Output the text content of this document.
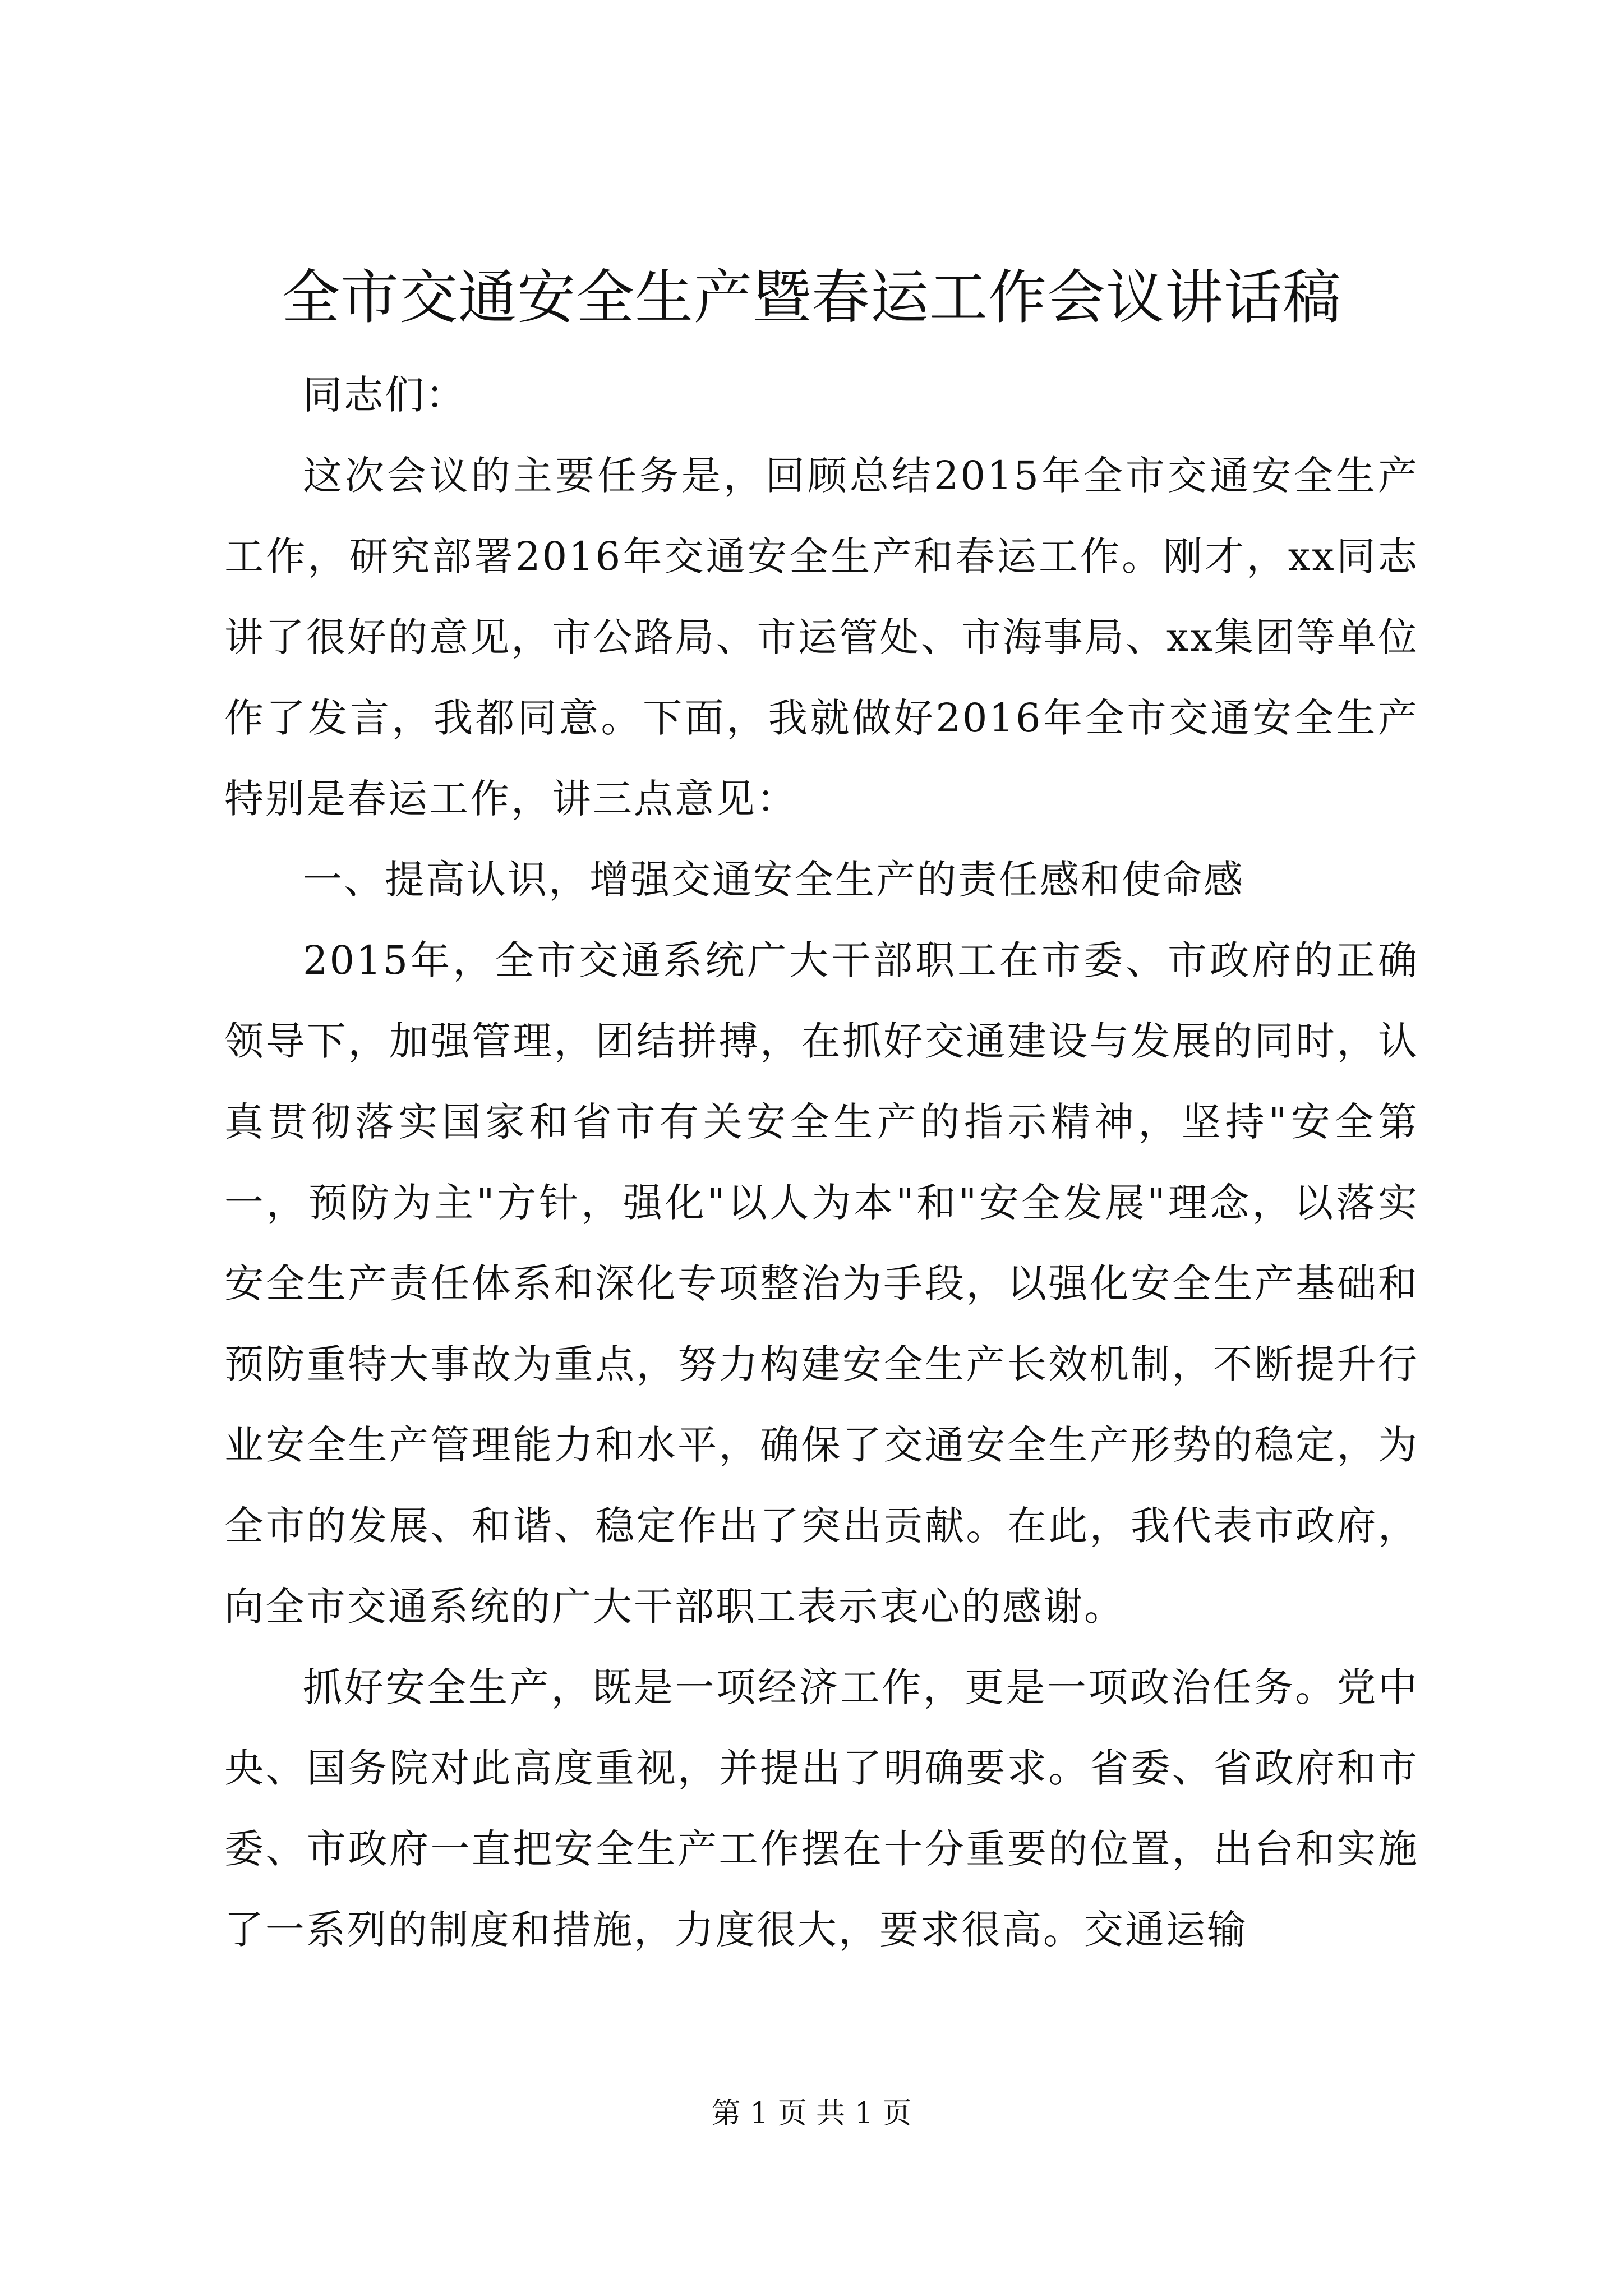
全市交通安全生产暨春运工作会议讲话稿

同志们：

这次会议的主要任务是，回顾总结2015年全市交通安全生产工作，研究部署2016年交通安全生产和春运工作。刚才，xx同志讲了很好的意见，市公路局、市运管处、市海事局、xx集团等单位作了发言，我都同意。下面，我就做好2016年全市交通安全生产特别是春运工作，讲三点意见：

一、提高认识，增强交通安全生产的责任感和使命感

2015年，全市交通系统广大干部职工在市委、市政府的正确领导下，加强管理，团结拼搏，在抓好交通建设与发展的同时，认真贯彻落实国家和省市有关安全生产的指示精神，坚持"安全第一，预防为主"方针，强化"以人为本"和"安全发展"理念，以落实安全生产责任体系和深化专项整治为手段，以强化安全生产基础和预防重特大事故为重点，努力构建安全生产长效机制，不断提升行业安全生产管理能力和水平，确保了交通安全生产形势的稳定，为全市的发展、和谐、稳定作出了突出贡献。在此，我代表市政府，向全市交通系统的广大干部职工表示衷心的感谢。

抓好安全生产，既是一项经济工作，更是一项政治任务。党中央、国务院对此高度重视，并提出了明确要求。省委、省政府和市委、市政府一直把安全生产工作摆在十分重要的位置，出台和实施了一系列的制度和措施，力度很大，要求很高。交通运输

第 1 页 共 1 页
